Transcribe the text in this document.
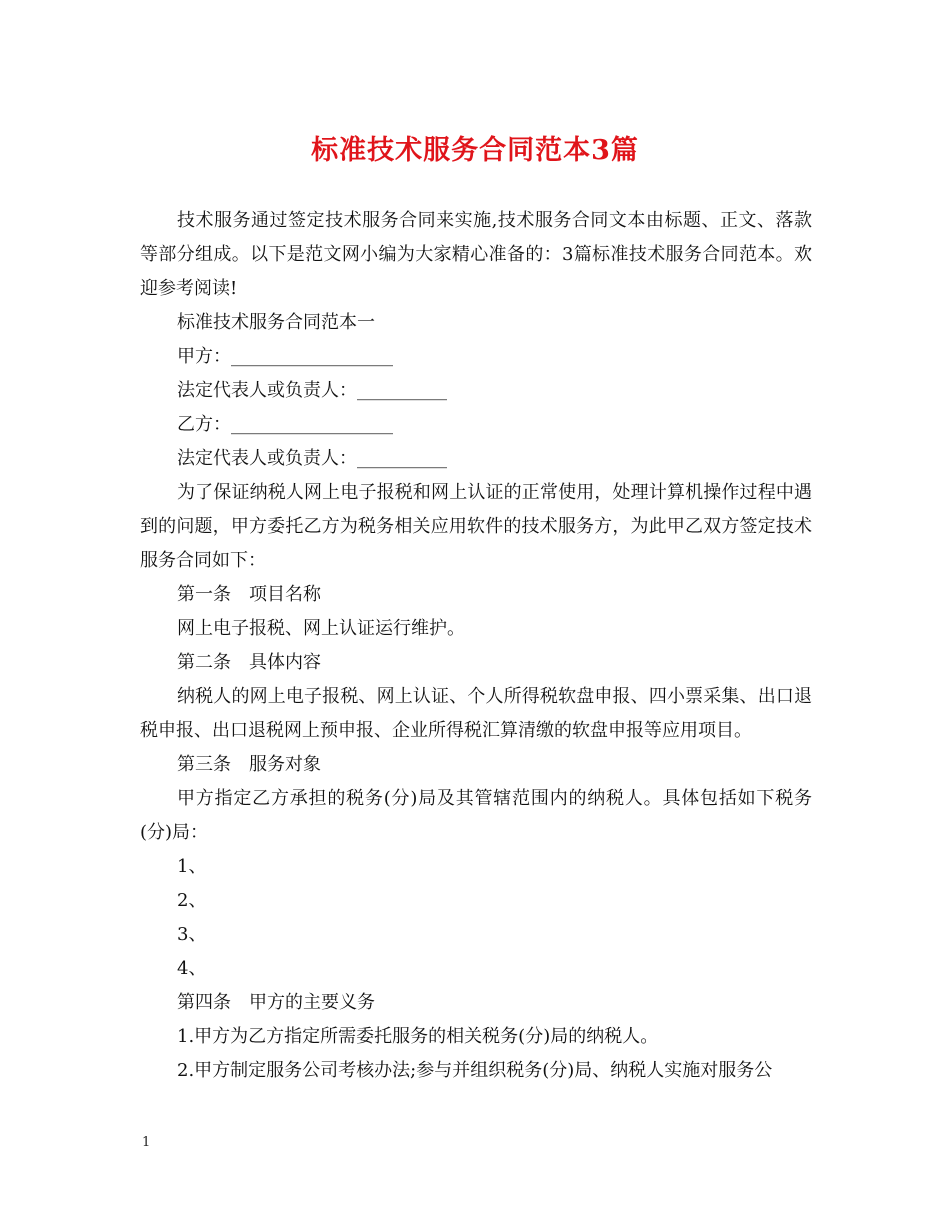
标准技术服务合同范本3篇

技术服务通过签定技术服务合同来实施,技术服务合同文本由标题、正文、落款等部分组成。以下是范文网小编为大家精心准备的：3篇标准技术服务合同范本。欢迎参考阅读!

标准技术服务合同范本一

甲方：__________________

法定代表人或负责人：__________

乙方：__________________

法定代表人或负责人：__________

为了保证纳税人网上电子报税和网上认证的正常使用，处理计算机操作过程中遇到的问题，甲方委托乙方为税务相关应用软件的技术服务方，为此甲乙双方签定技术服务合同如下：

第一条　项目名称

网上电子报税、网上认证运行维护。

第二条　具体内容

纳税人的网上电子报税、网上认证、个人所得税软盘申报、四小票采集、出口退税申报、出口退税网上预申报、企业所得税汇算清缴的软盘申报等应用项目。

第三条　服务对象

甲方指定乙方承担的税务(分)局及其管辖范围内的纳税人。具体包括如下税务(分)局：

1、

2、

3、

4、

第四条　甲方的主要义务

1.甲方为乙方指定所需委托服务的相关税务(分)局的纳税人。

2.甲方制定服务公司考核办法;参与并组织税务(分)局、纳税人实施对服务公

1
